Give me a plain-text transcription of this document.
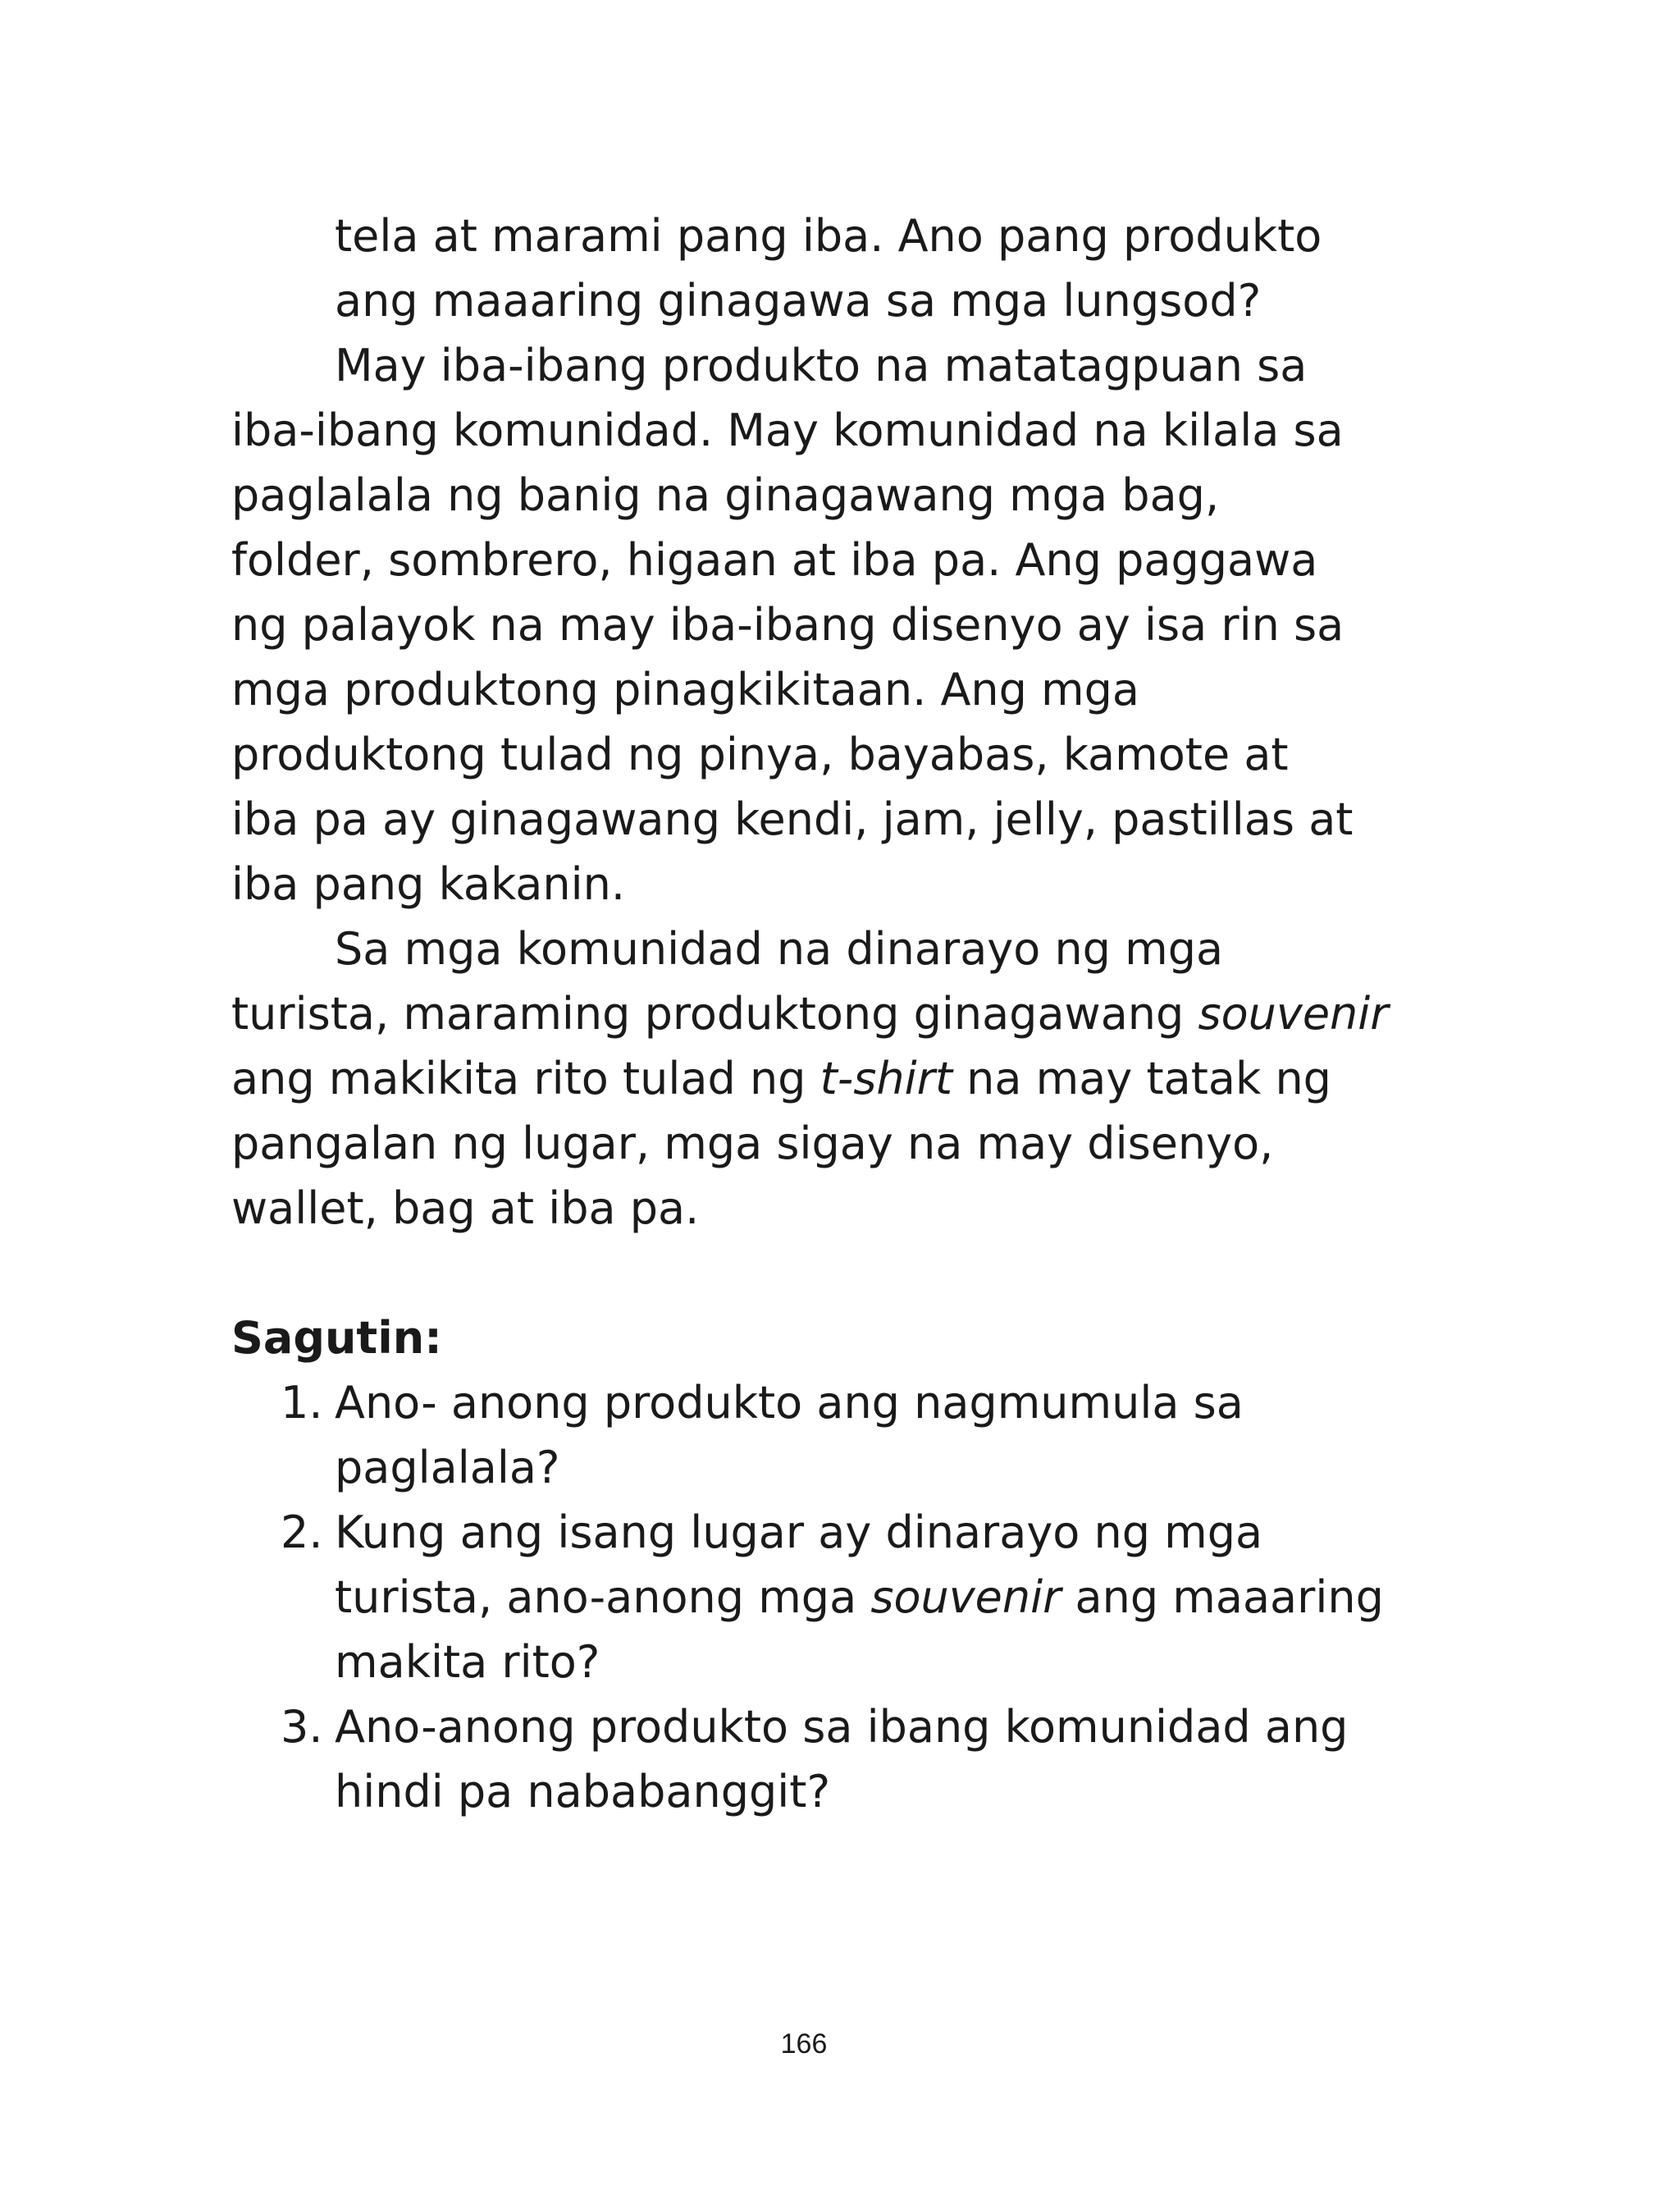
tela at marami pang iba. Ano pang produkto
ang maaaring ginagawa sa mga lungsod?
May iba-ibang produkto na matatagpuan sa
iba-ibang komunidad. May komunidad na kilala sa
paglalala ng banig na ginagawang mga bag,
folder, sombrero, higaan at iba pa. Ang paggawa
ng palayok na may iba-ibang disenyo ay isa rin sa
mga produktong pinagkikitaan. Ang mga
produktong tulad ng pinya, bayabas, kamote at
iba pa ay ginagawang kendi, jam, jelly, pastillas at
iba pang kakanin.
Sa mga komunidad na dinarayo ng mga
turista, maraming produktong ginagawang souvenir
ang makikita rito tulad ng t-shirt na may tatak ng
pangalan ng lugar, mga sigay na may disenyo,
wallet, bag at iba pa.
Sagutin:
1. Ano- anong produkto ang nagmumula sa
paglalala?
2. Kung ang isang lugar ay dinarayo ng mga
turista, ano-anong mga souvenir ang maaaring
makita rito?
3. Ano-anong produkto sa ibang komunidad ang
hindi pa nababanggit?
166
